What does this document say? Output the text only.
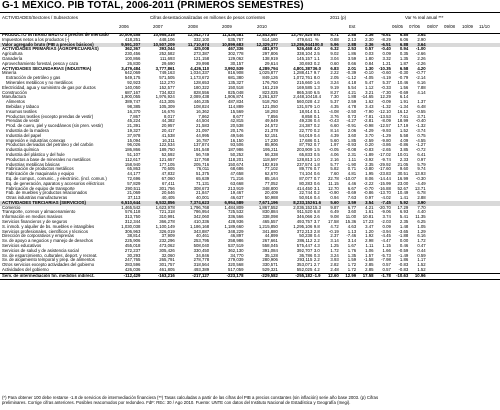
G-1 MÉXICO. PIB TOTAL, 2006-2011 (PRIMEROS SEMESTRES)
ACTIVIDADES/Sectores / Subsectores	Cifras desestacionalizadas en millones de pesos corrientes	2011 (p)	Var % real anual ***
2006	2007	2008	2009	2010	Est	06/05 07/06 08/07 09/08 10/09 11/10
PRODUCTO INTERNO BRUTO a precios de mercado	10,009,458	10,955,315	12,042,773	11,435,481	12,843,557	13,767,525 Est	5.71	2.88	2.36	-6.61	6.85	3.64
Impuestos netos a los productos (-)	418,251	448,106	332,100	535,767	514,180	479,641 %	0.88	2.13	2.30	-8.29	6.06	2.90
Valor agregado bruto (PIB a precios básicos)	9,591,207	10,507,209	11,710,674	10,899,683	12,329,377	13,286,944 100.0	5.96	2.88	2.36	-6.51	6.88	3.64
ACTIVIDADES PRIMARIAS (AGROPECUARIAS)	362,367	393,044	425,008	467,336	481,970	526,468 4.0	6.32	2.53	0.57	-0.40	0.94	-1.00
Agricultura	230,456	252,582	273,387	302,778	297,806	338,104 2.5	9.02	1.86	0.03	0.09	0.35	-2.66
Ganadería	100,866	111,693	121,158	129,062	138,919	145,157 1.1	3.04	3.59	1.80	3.32	1.35	2.26
Aprovechamiento forestal, pesca y caza	26,830	29,690	29,998	30,157	29,614	30,693 0.2	0.60	0.66	0.84	1.21	1.87	-2.26
ACTIVIDADES SECUNDARIAS (INDUSTRIA)	3,479,484	3,777,861	4,426,110	3,992,539	4,289,794	4,801,387 36.0	6.83	2.01	1.30	-10.35	6.58	4.20
Minería	642,069	749,163	1,034,337	816,908	1,025,877	1,288,417 9.7	2.22	-0.39	-0.10	-0.60	-0.30	-0.77
Extracción de petróleo y gas	549,175	571,505	1,173,672	681,380	849,126	1,072,761 8.0	2.05	-1.12	-4.05	-4.19	-0.79	-2.14
Minerales metálicos y no metálicos	92,923	112,270	128,653	135,327	176,750	215,660 1.6	3.24	4.18	5.47	5.37	10.46	6.16
Electricidad, agua y suministro de gas por ductos	140,050	152,577	180,322	150,518	161,219	169,585 1.3	9.19	5.54	1.12	-0.33	1.56	7.88
Construcción	687,167	734,823	828,556	825,048	823,025	865,340 6.5	8.27	4.21	3.21	-7.30	-0.69	4.14
Manufactura	1,900,055	1,976,924	2,089,438	1,906,874	2,261,637	2,448,104 18.4	7.30	1.88	-14.65	12.29	6.14
Alimentos	389,747	413,305	446,235	487,834	518,750	560,028 4.2	5.37	2.59	1.62	-0.09	1.91	1.37
Bebidas y tabaco	98,385	105,309	108,824	114,889	121,050	131,579 1.0	4.35	4.78	3.43	-1.32	-1.34	6.48
Insumos textiles	16,370	16,676	16,362	15,569	18,293	18,914 0.1	-4.08	-2.50	-7.90	-12.10	16.12	-0.55
Productos textiles (excepto prendas de vestir)	7,867	8,017	7,862	8,677	7,856	8,858 0.1	3.76	0.73	-7.81	-13.53	7.61	3.71
Prendas de vestir	45,224	44,382	44,504	42,815	49,649	49,236 0.4	-0.43	-4.27	-2.81	-8.09	18.99	-0.40
Prod. de cuero, piel y sucedáneos (sin pren. vestir)	21,391	20,957	21,583	20,538	24,572	24,387 0.2	6.60	-0.91	-0.98	-12.57	17.19	-1.32
Industria de la madera	19,327	20,417	21,097	20,176	21,378	22,770 0.2	8.14	2.06	-4.29	-9.93	1.52	-3.74
Industria del papel	37,978	41,538	44,995	49,546	52,151	54,019 0.4	4.39	3.60	3.70	-1.29	5.58	0.75
Impresión e industrias conexas	15,094	16,311	16,787	16,150	17,230	17,686 0.1	5.60	1.85	-2.59	-9.80	4.09	-4.55
Productos derivados del petróleo y del carbón	96,026	122,534	137,874	93,506	85,906	87,792 0.7	1.97	-0.93	0.20	-3.86	-0.86	-1.27
Industria química	186,866	189,750	191,548	187,986	195,211	203,909 1.5	-0.05	-0.08	-0.83	-2.65	3.85	-0.72
Industria del plástico y del hule	51,107	52,592	56,749	50,252	56,338	65,833 0.5	4.06	2.31	-1.89	-17.02	10.01	6.41
Productos a base de minerales no metálicos	112,617	121,657	117,768	118,201	118,597	128,813 1.0	2.16	1.11	-3.92	-9.74	2.33	0.97
Industrias metálicas básicas	158,940	177,105	205,716	150,674	182,919	237,574 1.8	5.77	-1.90	2.35	-29.92	21.05	5.79
Fabricación de productos metálicos	65,863	70,605	76,011	68,686	77,102	89,776 0.7	5.82	0.71	-3.80	-17.60	9.60	9.74
Fabricación de maquinaria y equipo	44,177	47,832	51,375	47,658	62,670	74,104 0.6	7.60	4.81	1.95	-23.83	30.51	13.93
Eq. de comput., comunic., y electrónic. (incl. comun.)	72,696	67,060	65,639	71,216	85,164	87,077 0.7	22.78	-10.07	8.06	-14.44	16.99	-0.30
Eq. de generación, aparatos y accesorios eléctricos	57,829	67,411	71,131	63,668	77,052	80,283 0.6	11.15	4.46	-2.22	-15.99	23.00	-4.49
Fabricación de equipo de transporte	290,511	301,756	308,673	213,919	348,800	414,450 3.1	12.70	6.67	-0.70	-16.88	52.67	13.71
Fab. de muebles y productos relacionados	21,069	20,646	21,847	19,467	20,409	22,744 0.2	-0.90	-0.69	-0.86	-13.70	10.49	6.78
Otras industrias manufactureras	37,113	40,405	40,001	46,637	50,988	50,916 0.4	0.94	7.63	0.97	-4.02	1.41	2.88
ACTIVIDADES TERCIARIAS (SERVICIOS)	6,510,644	6,532,856	7,374,623	6,954,589	7,671,196	8,233,152 61.6	5.60	3.59	3.54	-7.45	5.92	3.90
Comercio	1,465,542	1,623,978	1,796,768	1,484,809	1,867,552	2,036,152 15.3	9.87	6.77	4.21	-20.70	17.29	7.70
Transporte, correos y almacenamiento	576,118	721,318	786,954	725,532	830,884	911,520 6.8	6.49	3.60	1.61	-9.06	6.93	4.40
Información en medios masivos	313,750	310,991	342,060	336,566	338,098	346,066 2.6	9.08	11.00	10.81	3.74	5.41	11.35
Servicios financieros y de seguros	312,344	366,278	410,336	428,936	465,557	493,757 3.7	17.58	15.36	17.23	-2.03	2.35	6.25
S. inmob. y alquiler de bs. muebles e intangibles	1,030,038	1,100,149	1,186,168	1,189,660	1,215,850	1,295,106 9.8	4.72	4.63	3.47	0.09	1.48	1.05
Servicios profesionales, científicos y técnicos	306,963	326,019	343,887	348,229	341,880	372,213 2.8	-0.19	1.13	1.20	-3.94	-3.65	1.29
Dirección de corporativos y empresas	38,814	37,909	40,461	46,897	44,899	50,238 0.4	2.37	-7.46	1.92	-4.45	-1.88	6.16
Sv. de apoyo a negocios y manejo de desechos	225,906	232,296	253,795	258,986	267,661	286,112 2.2	3.14	3.14	2.98	-4.47	0.00	1.72
Servicios educativos	455,018	473,062	508,040	537,519	558,045	575,447 4.3	1.25	1.67	1.11	1.15	0.46	0.47
Servicios de salud y de asistencia social	272,237	305,426	330,450	362,130	391,084	392,707 3.0	1.72	1.76	1.06	1.66	-0.59	0.44
Sv. de esparcimiento, culturales, deport. y recreat.	30,293	32,060	34,846	34,770	35,128	36,786 0.3	3.24	1.35	1.57	-5.73	-1.49	0.59
Sv. de alojamiento temporal y prep. de alimentos	247,765	265,791	278,778	279,039	280,906	293,115 2.2	3.93	1.59	-1.58	-7.98	1.86	1.17
Otros servicios excepto actividades del gobierno	283,596	301,757	318,564	320,568	330,571	353,071 2.7	2.82	1.72	2.85	0.57	-0.83	1.52
Actividades del gobierno	426,036	461,805	493,389	517,059	529,321	552,025 4.2	2.48	1.72	2.85	0.57	-0.83	1.52
Serv. de intermediación fin. medidos indirect.	-112,429	-163,216	-217,127	-223,178	-229,582	-255,182 -1.9	12.60	12.99	17.58	-1.78	-10.63	10.96
(*) Para obtener 100 debe restarse -1.8 de servicios de intermediación financiera (**) Tasas calculadas a partir de las cifras del PIB a precios constantes (sin inflación) serie año base 2003. (p) Cifras
preliminares. Corrige cifras anteriores. Posibles reacomodos por redondeo. FdF: REc: 30 / Ago 2010. Fuente: UNTE con datos del Instituto Nacional de Estadística y Geografía (Inegi).
